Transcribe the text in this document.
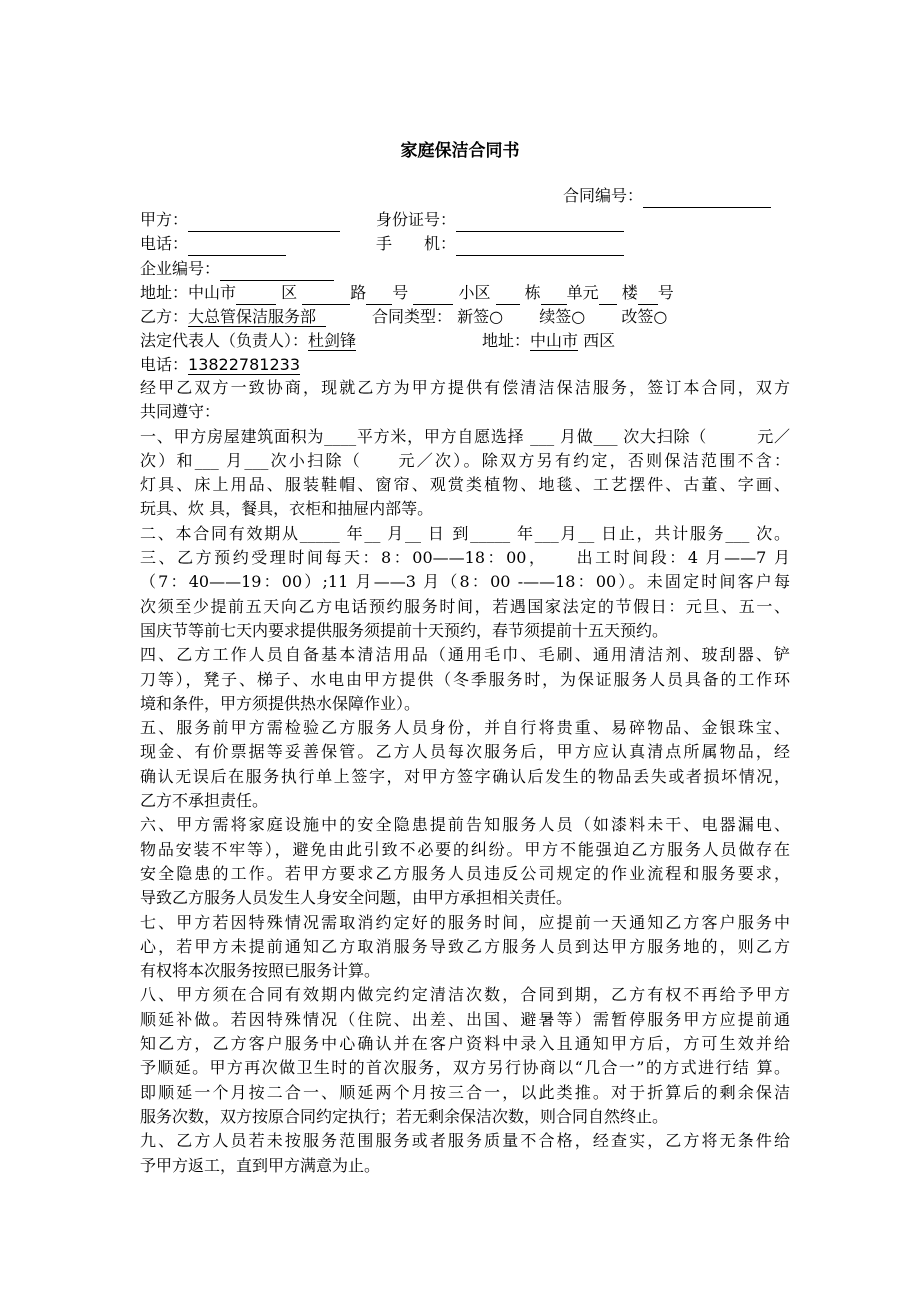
家庭保洁合同书
合同编号：
甲方：	身份证号：
电话：	手　　机：
企业编号：
地址：中山市	区	路 号	小区 栋 单元 楼 号
乙方：大总管保洁服务部	合同类型： 新签○ 续签○ 改签○
法定代表人（负责人）：杜剑锋	地址：中山市 西区
电话：13822781233
经甲乙双方一致协商，现就乙方为甲方提供有偿清洁保洁服务，签订本合同，双方
共同遵守：
一、甲方房屋建筑面积为____平方米，甲方自愿选择 ___ 月做___ 次大扫除（　　　元／
次）和___ 月___次小扫除（　　元／次）。除双方另有约定，否则保洁范围不含：
灯具、床上用品、服装鞋帽、窗帘、观赏类植物、地毯、工艺摆件、古董、字画、
玩具、炊 具，餐具，衣柜和抽屉内部等。
二、本合同有效期从_____ 年__ 月__ 日 到_____ 年___月__ 日止，共计服务___ 次。
三、乙方预约受理时间每天：8：00——18：00，　　出工时间段：4 月——7 月
（7：40——19：00）;11 月——3 月（8：00 -——18：00）。未固定时间客户每
次须至少提前五天向乙方电话预约服务时间，若遇国家法定的节假日：元旦、五一、
国庆节等前七天内要求提供服务须提前十天预约，春节须提前十五天预约。
四、乙方工作人员自备基本清洁用品（通用毛巾、毛刷、通用清洁剂、玻刮器、铲
刀等），凳子、梯子、水电由甲方提供（冬季服务时，为保证服务人员具备的工作环
境和条件，甲方须提供热水保障作业）。
五、服务前甲方需检验乙方服务人员身份，并自行将贵重、易碎物品、金银珠宝、
现金、有价票据等妥善保管。乙方人员每次服务后，甲方应认真清点所属物品，经
确认无误后在服务执行单上签字，对甲方签字确认后发生的物品丢失或者损坏情况，
乙方不承担责任。
六、甲方需将家庭设施中的安全隐患提前告知服务人员（如漆料未干、电器漏电、
物品安装不牢等），避免由此引致不必要的纠纷。甲方不能强迫乙方服务人员做存在
安全隐患的工作。若甲方要求乙方服务人员违反公司规定的作业流程和服务要求，
导致乙方服务人员发生人身安全问题，由甲方承担相关责任。
七、甲方若因特殊情况需取消约定好的服务时间，应提前一天通知乙方客户服务中
心，若甲方未提前通知乙方取消服务导致乙方服务人员到达甲方服务地的，则乙方
有权将本次服务按照已服务计算。
八、甲方须在合同有效期内做完约定清洁次数，合同到期，乙方有权不再给予甲方
顺延补做。若因特殊情况（住院、出差、出国、避暑等）需暂停服务甲方应提前通
知乙方，乙方客户服务中心确认并在客户资料中录入且通知甲方后，方可生效并给
予顺延。甲方再次做卫生时的首次服务，双方另行协商以“几合一”的方式进行结 算。
即顺延一个月按二合一、顺延两个月按三合一，以此类推。对于折算后的剩余保洁
服务次数，双方按原合同约定执行；若无剩余保洁次数，则合同自然终止。
九、乙方人员若未按服务范围服务或者服务质量不合格，经查实，乙方将无条件给
予甲方返工，直到甲方满意为止。
